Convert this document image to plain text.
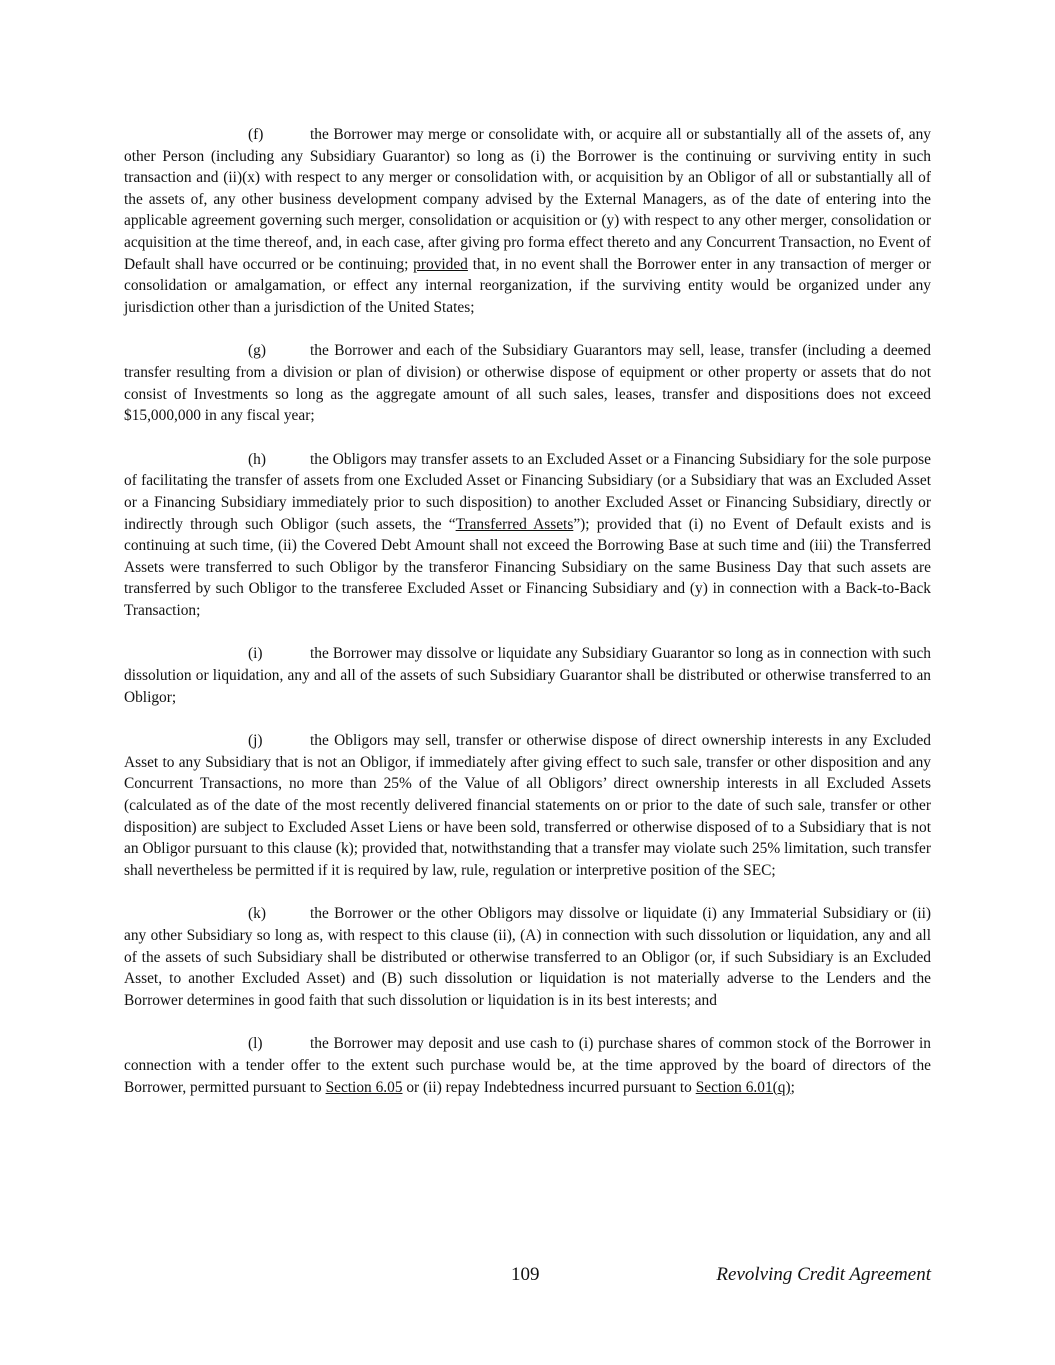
(f)	the Borrower may merge or consolidate with, or acquire all or substantially all of the assets of, any other Person (including any Subsidiary Guarantor) so long as (i) the Borrower is the continuing or surviving entity in such transaction and (ii)(x) with respect to any merger or consolidation with, or acquisition by an Obligor of all or substantially all of the assets of, any other business development company advised by the External Managers, as of the date of entering into the applicable agreement governing such merger, consolidation or acquisition or (y) with respect to any other merger, consolidation or acquisition at the time thereof, and, in each case, after giving pro forma effect thereto and any Concurrent Transaction, no Event of Default shall have occurred or be continuing; provided that, in no event shall the Borrower enter in any transaction of merger or consolidation or amalgamation, or effect any internal reorganization, if the surviving entity would be organized under any jurisdiction other than a jurisdiction of the United States;

(g)	the Borrower and each of the Subsidiary Guarantors may sell, lease, transfer (including a deemed transfer resulting from a division or plan of division) or otherwise dispose of equipment or other property or assets that do not consist of Investments so long as the aggregate amount of all such sales, leases, transfer and dispositions does not exceed $15,000,000 in any fiscal year;

(h)	the Obligors may transfer assets to an Excluded Asset or a Financing Subsidiary for the sole purpose of facilitating the transfer of assets from one Excluded Asset or Financing Subsidiary (or a Subsidiary that was an Excluded Asset or a Financing Subsidiary immediately prior to such disposition) to another Excluded Asset or Financing Subsidiary, directly or indirectly through such Obligor (such assets, the “Transferred Assets”); provided that (i) no Event of Default exists and is continuing at such time, (ii) the Covered Debt Amount shall not exceed the Borrowing Base at such time and (iii) the Transferred Assets were transferred to such Obligor by the transferor Financing Subsidiary on the same Business Day that such assets are transferred by such Obligor to the transferee Excluded Asset or Financing Subsidiary and (y) in connection with a Back-to-Back Transaction;

(i)	the Borrower may dissolve or liquidate any Subsidiary Guarantor so long as in connection with such dissolution or liquidation, any and all of the assets of such Subsidiary Guarantor shall be distributed or otherwise transferred to an Obligor;

(j)	the Obligors may sell, transfer or otherwise dispose of direct ownership interests in any Excluded Asset to any Subsidiary that is not an Obligor, if immediately after giving effect to such sale, transfer or other disposition and any Concurrent Transactions, no more than 25% of the Value of all Obligors’ direct ownership interests in all Excluded Assets (calculated as of the date of the most recently delivered financial statements on or prior to the date of such sale, transfer or other disposition) are subject to Excluded Asset Liens or have been sold, transferred or otherwise disposed of to a Subsidiary that is not an Obligor pursuant to this clause (k); provided that, notwithstanding that a transfer may violate such 25% limitation, such transfer shall nevertheless be permitted if it is required by law, rule, regulation or interpretive position of the SEC;

(k)	the Borrower or the other Obligors may dissolve or liquidate (i) any Immaterial Subsidiary or (ii) any other Subsidiary so long as, with respect to this clause (ii), (A) in connection with such dissolution or liquidation, any and all of the assets of such Subsidiary shall be distributed or otherwise transferred to an Obligor (or, if such Subsidiary is an Excluded Asset, to another Excluded Asset) and (B) such dissolution or liquidation is not materially adverse to the Lenders and the Borrower determines in good faith that such dissolution or liquidation is in its best interests; and

(l)	the Borrower may deposit and use cash to (i) purchase shares of common stock of the Borrower in connection with a tender offer to the extent such purchase would be, at the time approved by the board of directors of the Borrower, permitted pursuant to Section 6.05 or (ii) repay Indebtedness incurred pursuant to Section 6.01(q);

109	Revolving Credit Agreement
